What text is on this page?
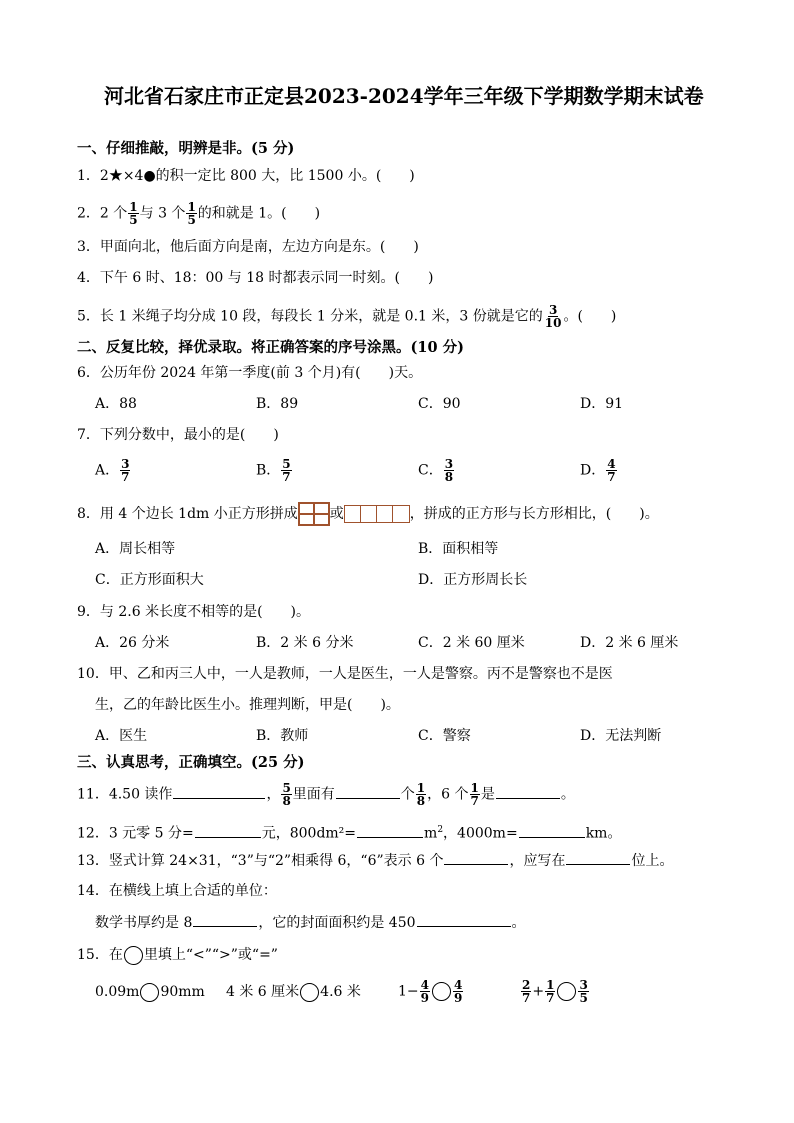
河北省石家庄市正定县2023-2024学年三年级下学期数学期末试卷
一、仔细推敲，明辨是非。(5 分)
1．2★×4●的积一定比 800 大，比 1500 小。(　　)
2．2 个 $\frac{1}{5}$ 与 3 个 $\frac{1}{5}$ 的和就是 1。(　　)
3．甲面向北，他后面方向是南，左边方向是东。(　　)
4．下午 6 时、18：00 与 18 时都表示同一时刻。(　　)
5．长 1 米绳子均分成 10 段，每段长 1 分米，就是 0.1 米，3 份就是它的 $\frac{3}{10}$ 。(　　)
二、反复比较，择优录取。将正确答案的序号涂黑。(10 分)
6．公历年份 2024 年第一季度(前 3 个月)有(　　)天。
A．88	B．89	C．90	D．91
7．下列分数中，最小的是(　　)
A． $\frac{3}{7}$	B． $\frac{5}{7}$	C． $\frac{3}{8}$	D． $\frac{4}{7}$
8．用 4 个边长 1dm 小正方形拼成 或	，拼成的正方形与长方形相比，(　　)。
A．周长相等	B．面积相等
C．正方形面积大	D．正方形周长长
9．与 2.6 米长度不相等的是(　　)。
A．26 分米	B．2 米 6 分米	C．2 米 60 厘米	D．2 米 6 厘米
10．甲、乙和丙三人中，一人是教师，一人是医生，一人是警察。丙不是警察也不是医
生，乙的年龄比医生小。推理判断，甲是(　　)。
A．医生	B．教师	C．警察	D．无法判断
三、认真思考，正确填空。(25 分)
11．4.50 读作	， $\frac{5}{8}$ 里面有	个 $\frac{1}{8}$ ，6 个 $\frac{1}{7}$ 是	。
12．3 元零 5 分=	元，800dm²=	$m^2$，4000m=	km。
13．竖式计算 24×31，“3”与“2”相乘得 6，“6”表示 6 个	，应写在	位上。
14．在横线上填上合适的单位：
数学书厚约是 8	，它的封面面积约是 450	。
15．在 里填上“<”“>”或“=”
0.09m 90mm 4 米 6 厘米 4.6 米	$1- \frac{4}{9} \frac{4}{9}$	$\frac{2}{7} + \frac{1}{7} \frac{3}{5}$
